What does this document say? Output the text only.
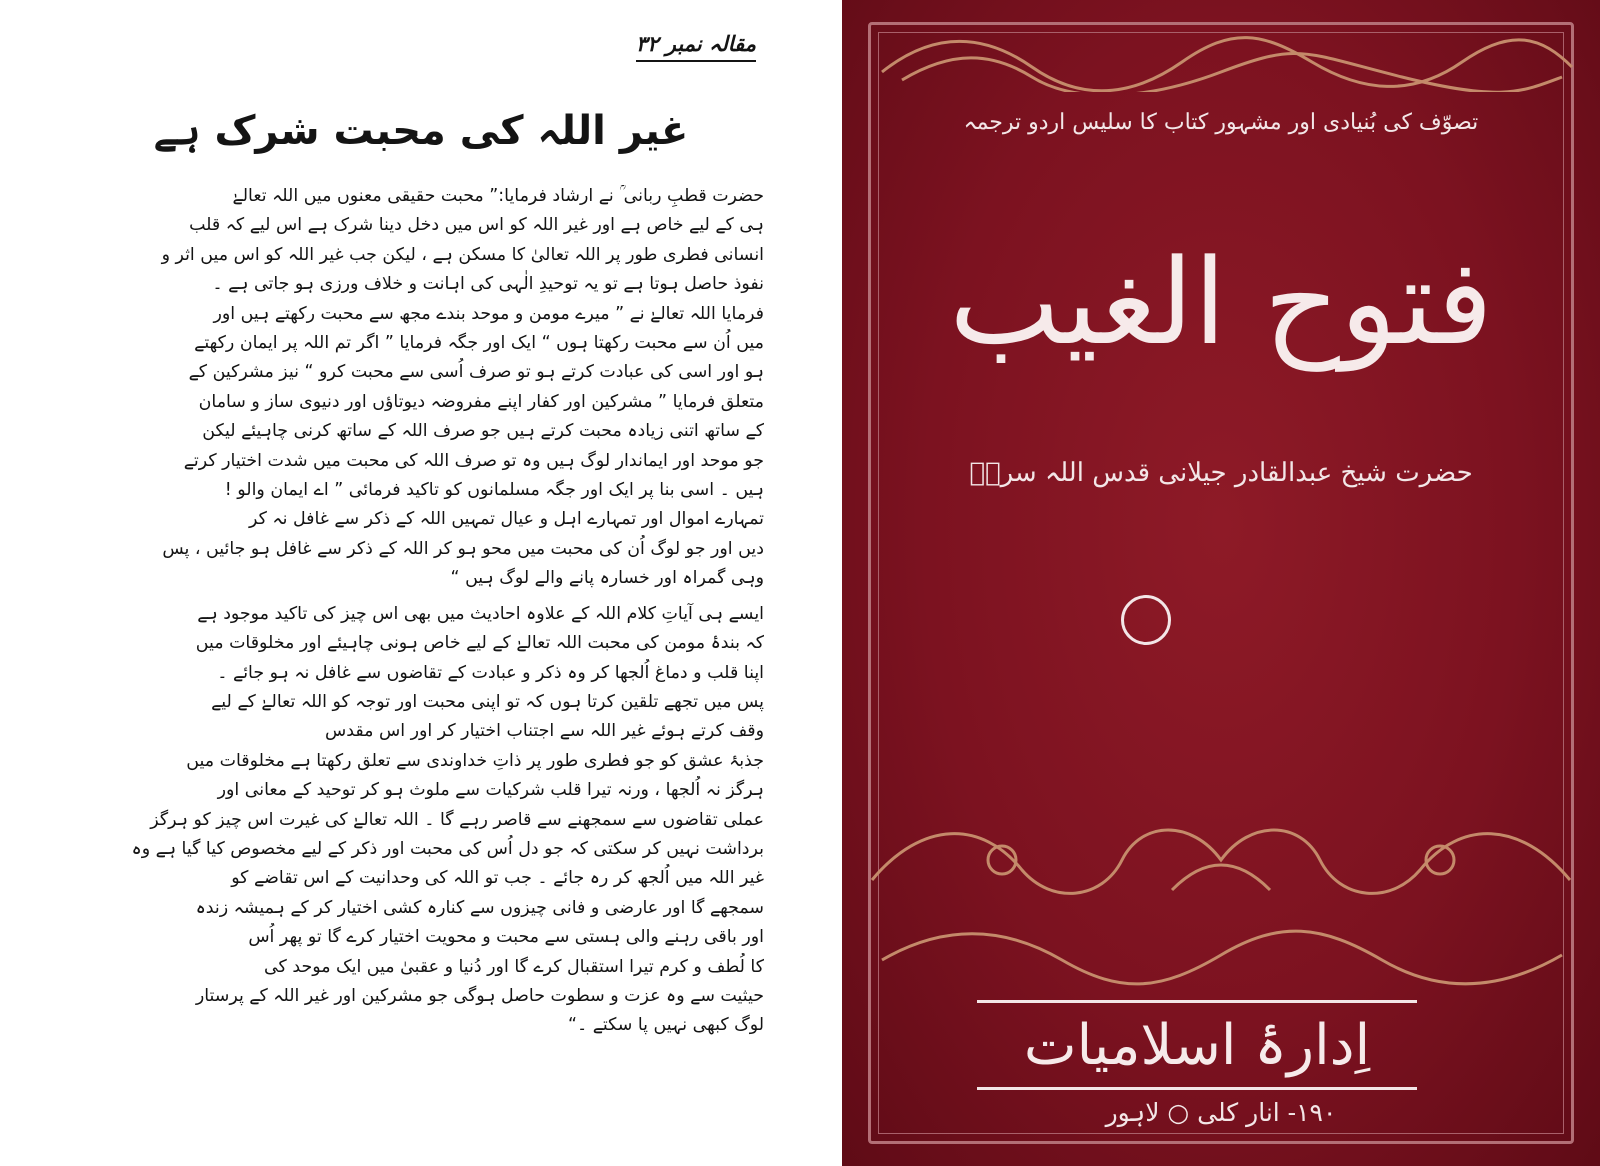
مقالہ نمبر ۳۲
غیر اللہ کی محبت شرک ہے

حضرت قطبِ ربانی ؒ نے ارشاد فرمایا:” محبت حقیقی معنوں میں اللہ تعالےٰ
ہی کے لیے خاص ہے اور غیر اللہ کو اس میں دخل دینا شرک ہے اس لیے کہ قلب
انسانی فطری طور پر اللہ تعالیٰ کا مسکن ہے ، لیکن جب غیر اللہ کو اس میں اثر و
نفوذ حاصل ہوتا ہے تو یہ توحیدِ الٰہی کی اہانت و خلاف ورزی ہو جاتی ہے ۔
فرمایا اللہ تعالےٰ نے ” میرے مومن و موحد بندے مجھ سے محبت رکھتے ہیں اور
میں اُن سے محبت رکھتا ہوں “ ایک اور جگہ فرمایا ” اگر تم اللہ پر ایمان رکھتے
ہو اور اسی کی عبادت کرتے ہو تو صرف اُسی سے محبت کرو “ نیز مشرکین کے
متعلق فرمایا ” مشرکین اور کفار اپنے مفروضہ دیوتاؤں اور دنیوی ساز و سامان
کے ساتھ اتنی زیادہ محبت کرتے ہیں جو صرف اللہ کے ساتھ کرنی چاہیئے لیکن
جو موحد اور ایماندار لوگ ہیں وہ تو صرف اللہ کی محبت میں شدت اختیار کرتے
ہیں ۔ اسی بنا پر ایک اور جگہ مسلمانوں کو تاکید فرمائی ” اے ایمان والو !
تمہارے اموال اور تمہارے اہل و عیال تمہیں اللہ کے ذکر سے غافل نہ کر
دیں اور جو لوگ اُن کی محبت میں محو ہو کر اللہ کے ذکر سے غافل ہو جائیں ، پس
وہی گمراہ اور خسارہ پانے والے لوگ ہیں “

ایسے ہی آیاتِ کلام اللہ کے علاوہ احادیث میں بھی اس چیز کی تاکید موجود ہے
کہ بندۂ مومن کی محبت اللہ تعالےٰ کے لیے خاص ہونی چاہیئے اور مخلوقات میں
اپنا قلب و دماغ اُلجھا کر وہ ذکر و عبادت کے تقاضوں سے غافل نہ ہو جائے ۔
پس میں تجھے تلقین کرتا ہوں کہ تو اپنی محبت اور توجہ کو اللہ تعالےٰ کے لیے
وقف کرتے ہوئے غیر اللہ سے اجتناب اختیار کر اور اس مقدس
جذبۂ عشق کو جو فطری طور پر ذاتِ خداوندی سے تعلق رکھتا ہے مخلوقات میں
ہرگز نہ اُلجھا ، ورنہ تیرا قلب شرکیات سے ملوث ہو کر توحید کے معانی اور
عملی تقاضوں سے سمجھنے سے قاصر رہے گا ۔ اللہ تعالےٰ کی غیرت اس چیز کو ہرگز
برداشت نہیں کر سکتی کہ جو دل اُس کی محبت اور ذکر کے لیے مخصوص کیا گیا ہے وہ
غیر اللہ میں اُلجھ کر رہ جائے ۔ جب تو اللہ کی وحدانیت کے اس تقاضے کو
سمجھے گا اور عارضی و فانی چیزوں سے کنارہ کشی اختیار کر کے ہمیشہ زندہ
اور باقی رہنے والی ہستی سے محبت و محویت اختیار کرے گا تو پھر اُس
کا لُطف و کرم تیرا استقبال کرے گا اور دُنیا و عقبیٰ میں ایک موحد کی
حیثیت سے وہ عزت و سطوت حاصل ہوگی جو مشرکین اور غیر اللہ کے پرستار
لوگ کبھی نہیں پا سکتے ۔“

تصوّف کی بُنیادی اور مشہور کتاب کا سلیس اردو ترجمہ
فتوح الغیب
حضرت شیخ عبدالقادر جیلانی قدس اللہ سرہٗ
اِدارۂ اسلامیات
۱۹۰- انار کلی ○ لاہور
